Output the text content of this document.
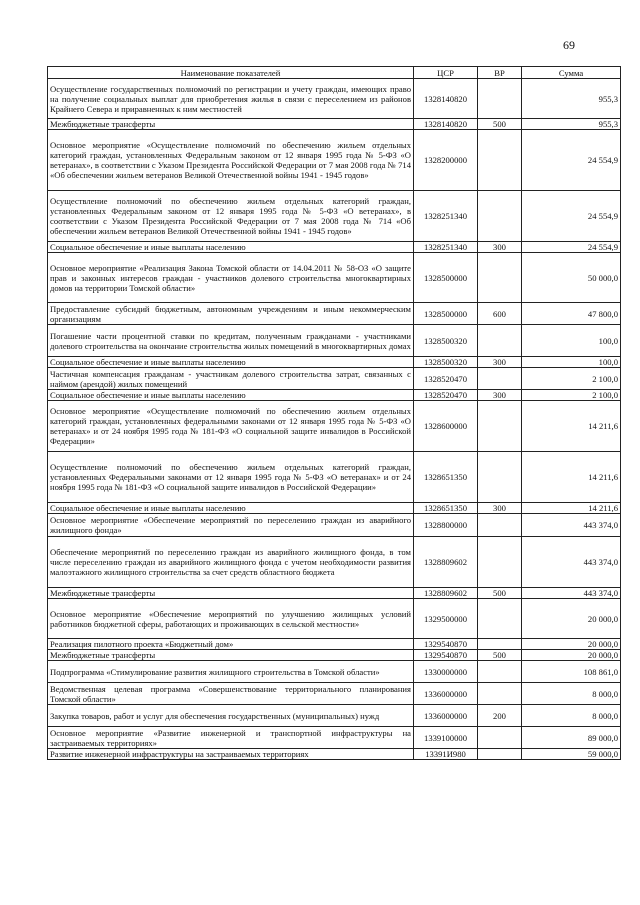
69
Наименование показателей	ЦСР	ВР	Сумма
Осуществление государственных полномочий по регистрации и учету граждан, имеющих право на получение социальных выплат для приобретения жилья в связи с переселением из районов Крайнего Севера и приравненных к ним местностей	1328140820		955,3
Межбюджетные трансферты	1328140820	500	955,3
Основное мероприятие «Осуществление полномочий по обеспечению жильем отдельных категорий граждан, установленных Федеральным законом от 12 января 1995 года № 5-ФЗ «О ветеранах», в соответствии с Указом Президента Российской Федерации от 7 мая 2008 года № 714 «Об обеспечении жильем ветеранов Великой Отечественной войны 1941 - 1945 годов»	1328200000		24 554,9
Осуществление полномочий по обеспечению жильем отдельных категорий граждан, установленных Федеральным законом от 12 января 1995 года № 5-ФЗ «О ветеранах», в соответствии с Указом Президента Российской Федерации от 7 мая 2008 года № 714 «Об обеспечении жильем ветеранов Великой Отечественной войны 1941 - 1945 годов»	1328251340		24 554,9
Социальное обеспечение и иные выплаты населению	1328251340	300	24 554,9
Основное мероприятие «Реализация Закона Томской области от 14.04.2011 № 58-ОЗ «О защите прав и законных интересов граждан - участников долевого строительства многоквартирных домов на территории Томской области»	1328500000		50 000,0
Предоставление субсидий бюджетным, автономным учреждениям и иным некоммерческим организациям	1328500000	600	47 800,0
Погашение части процентной ставки по кредитам, полученным гражданами - участниками долевого строительства на окончание строительства жилых помещений в многоквартирных домах	1328500320		100,0
Социальное обеспечение и иные выплаты населению	1328500320	300	100,0
Частичная компенсация гражданам - участникам долевого строительства затрат, связанных с наймом (арендой) жилых помещений	1328520470		2 100,0
Социальное обеспечение и иные выплаты населению	1328520470	300	2 100,0
Основное мероприятие «Осуществление полномочий по обеспечению жильем отдельных категорий граждан, установленных федеральными законами от 12 января 1995 года № 5-ФЗ «О ветеранах» и от 24 ноября 1995 года № 181-ФЗ «О социальной защите инвалидов в Российской Федерации»	1328600000		14 211,6
Осуществление полномочий по обеспечению жильем отдельных категорий граждан, установленных Федеральными законами от 12 января 1995 года № 5-ФЗ «О ветеранах» и от 24 ноября 1995 года № 181-ФЗ «О социальной защите инвалидов в Российской Федерации»	1328651350		14 211,6
Социальное обеспечение и иные выплаты населению	1328651350	300	14 211,6
Основное мероприятие «Обеспечение мероприятий по переселению граждан из аварийного жилищного фонда»	1328800000		443 374,0
Обеспечение мероприятий по переселению граждан из аварийного жилищного фонда, в том числе переселению граждан из аварийного жилищного фонда с учетом необходимости развития малоэтажного жилищного строительства за счет средств областного бюджета	1328809602		443 374,0
Межбюджетные трансферты	1328809602	500	443 374,0
Основное мероприятие «Обеспечение мероприятий по улучшению жилищных условий работников бюджетной сферы, работающих и проживающих в сельской местности»	1329500000		20 000,0
Реализация пилотного проекта «Бюджетный дом»	1329540870		20 000,0
Межбюджетные трансферты	1329540870	500	20 000,0
Подпрограмма «Стимулирование развития жилищного строительства в Томской области»	1330000000		108 861,0
Ведомственная целевая программа «Совершенствование территориального планирования Томской области»	1336000000		8 000,0
Закупка товаров, работ и услуг для обеспечения государственных (муниципальных) нужд	1336000000	200	8 000,0
Основное мероприятие «Развитие инженерной и транспортной инфраструктуры на застраиваемых территориях»	1339100000		89 000,0
Развитие инженерной инфраструктуры на застраиваемых территориях	13391И980		59 000,0
